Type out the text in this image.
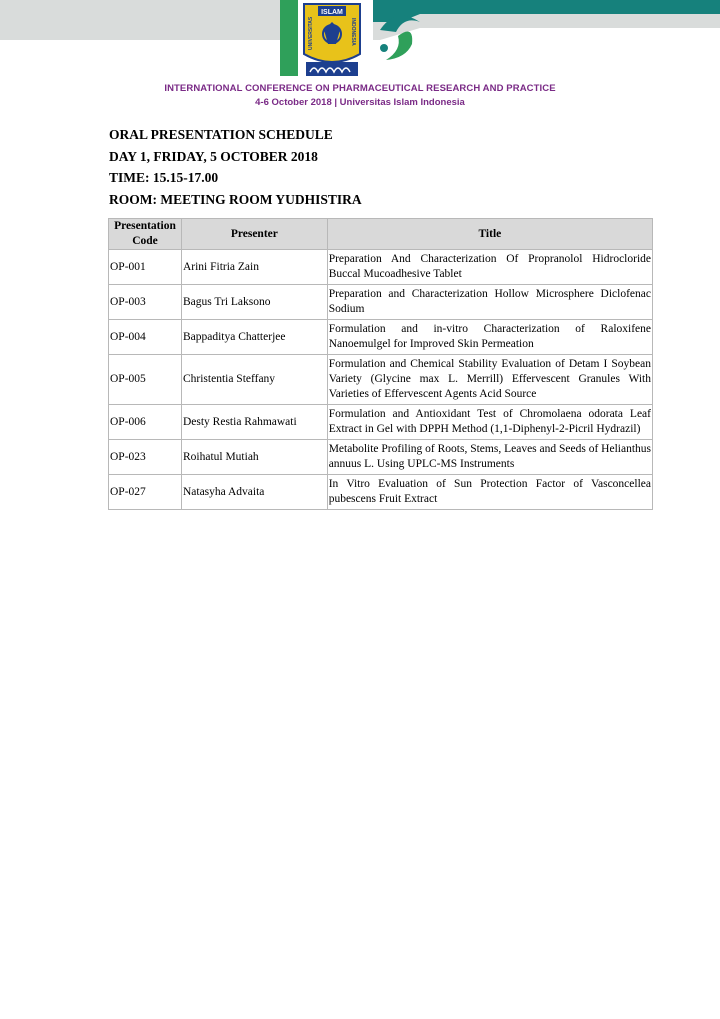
ISLAM
UNIVERSITAS	INDONESIA
INTERNATIONAL CONFERENCE ON PHARMACEUTICAL RESEARCH AND PRACTICE
4-6 October 2018 | Universitas Islam Indonesia
ORAL PRESENTATION SCHEDULE
DAY 1, FRIDAY, 5 OCTOBER 2018
TIME: 15.15-17.00
ROOM: MEETING ROOM YUDHISTIRA
Presentation Code	Presenter	Title
OP-001	Arini Fitria Zain	Preparation And Characterization Of Propranolol Hidrocloride Buccal Mucoadhesive Tablet
OP-003	Bagus Tri Laksono	Preparation and Characterization Hollow Microsphere Diclofenac Sodium
OP-004	Bappaditya Chatterjee	Formulation and in-vitro Characterization of Raloxifene Nanoemulgel for Improved Skin Permeation
OP-005	Christentia Steffany	Formulation and Chemical Stability Evaluation of Detam I Soybean Variety (Glycine max L. Merrill) Effervescent Granules With Varieties of Effervescent Agents Acid Source
OP-006	Desty Restia Rahmawati	Formulation and Antioxidant Test of Chromolaena odorata Leaf Extract in Gel with DPPH Method (1,1-Diphenyl-2-Picril Hydrazil)
OP-023	Roihatul Mutiah	Metabolite Profiling of Roots, Stems, Leaves and Seeds of Helianthus annuus L. Using UPLC-MS Instruments
OP-027	Natasyha Advaita	In Vitro Evaluation of Sun Protection Factor of Vasconcellea pubescens Fruit Extract
